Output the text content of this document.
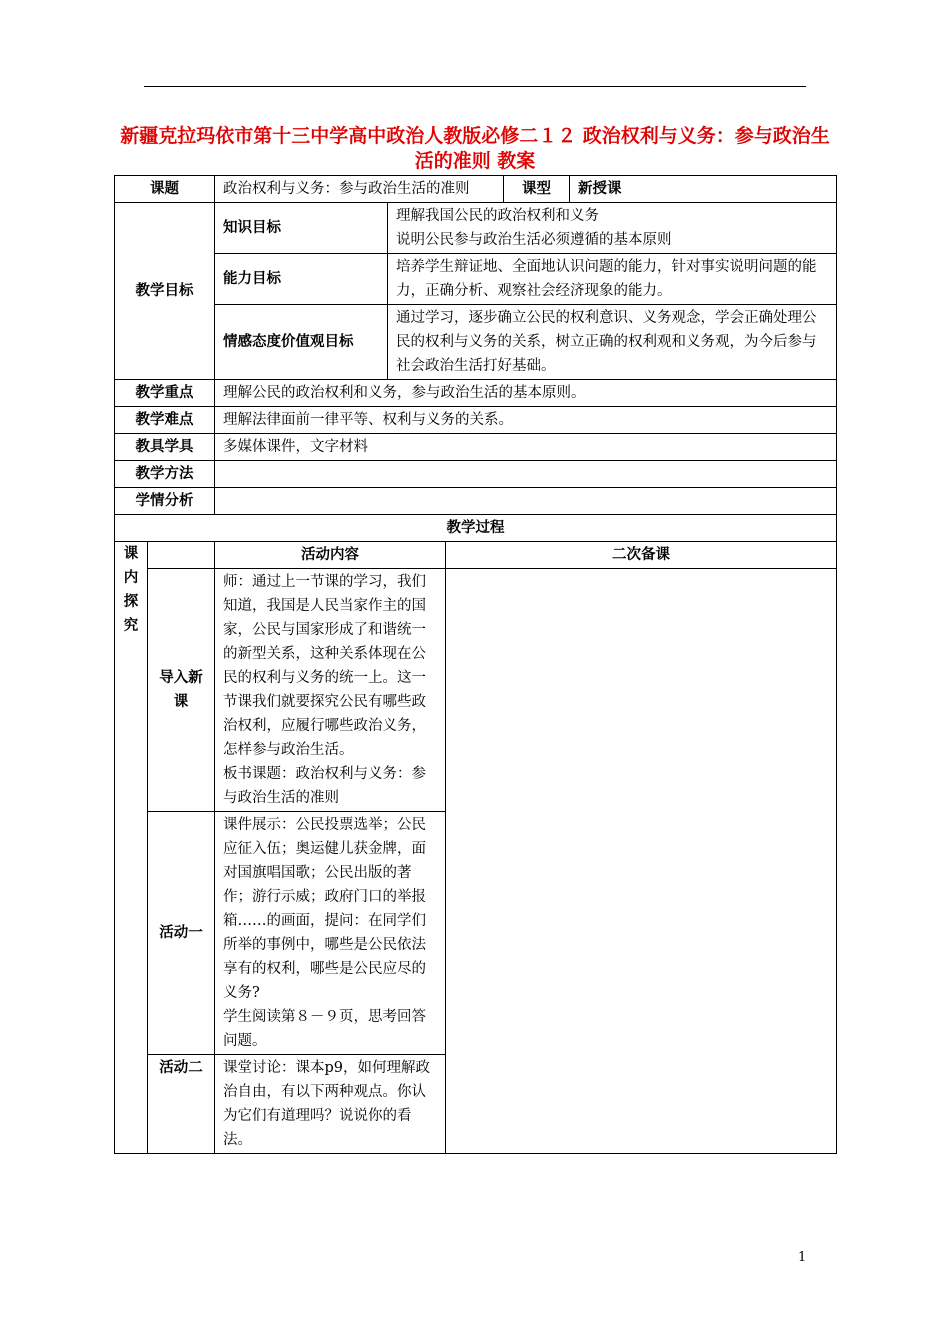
新疆克拉玛依市第十三中学高中政治人教版必修二１２ 政治权利与义务：参与政治生活的准则 教案
课题		政治权利与义务：参与政治生活的准则			课型	新授课
教学目标		知识目标	理解我国公民的政治权利和义务
说明公民参与政治生活必须遵循的基本原则			

		能力目标	培养学生辩证地、全面地认识问题的能力，针对事实说明问题的能力，正确分析、观察社会经济现象的能力。			
		情感态度价值观目标	通过学习，逐步确立公民的权利意识、义务观念，学会正确处理公民的权利与义务的关系，树立正确的权利观和义务观，为今后参与社会政治生活打好基础。			
教学重点		理解公民的政治权利和义务，参与政治生活的基本原则。				
教学难点		理解法律面前一律平等、权利与义务的关系。				
教具学具		多媒体课件，文字材料				
教学方法						
学情分析						
教学过程						

课内探究		活动内容		二次备课		
	导入新课	师：通过上一节课的学习，我们知道，我国是人民当家作主的国家，公民与国家形成了和谐统一的新型关系，这种关系体现在公民的权利与义务的统一上。这一节课我们就要探究公民有哪些政治权利，应履行哪些政治义务，怎样参与政治生活。
板书课题：政治权利与义务：参与政治生活的准则				

	活动一	课件展示：公民投票选举；公民应征入伍；奥运健儿获金牌，面对国旗唱国歌；公民出版的著作；游行示威；政府门口的举报箱……的画面，提问：在同学们所举的事例中，哪些是公民依法享有的权利，哪些是公民应尽的义务?
学生阅读第８－９页，思考回答问题。				

	活动二	课堂讨论：课本p9，如何理解政治自由，有以下两种观点。你认为它们有道理吗？说说你的看法。				
1
